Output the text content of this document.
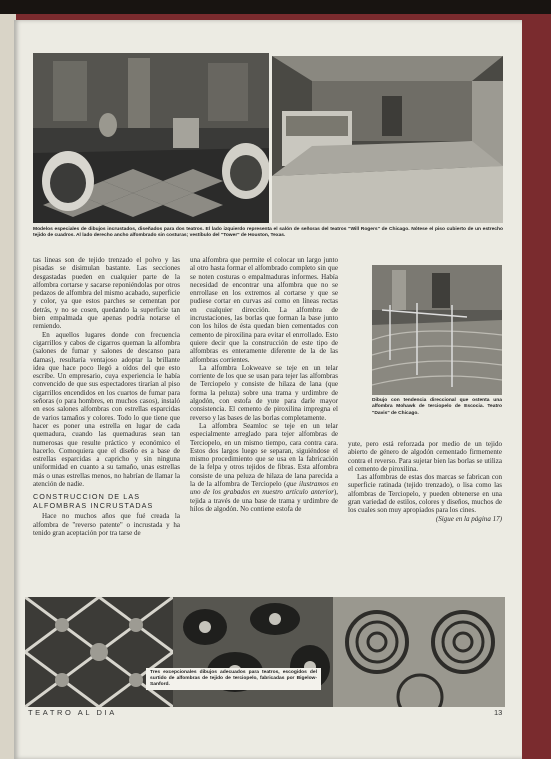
Modelos especiales de dibujos incrustados, diseñados para dos teatros. El lado izquierdo representa el salón de señoras del teatros "Will Rogers" de Chicago. Nótese el piso cubierto de un estrecho tejido de cuadros. Al lado derecho ancho alfombrado sin costuras; vestíbulo del "Tower" de Houston, Texas.

tas lineas son de tejido trenzado el polvo y las pisadas se disimulan bastante. Las secciones desgastadas pueden en cualquier parte de la alfombra cortarse y sacarse reponiéndolas por otros pedazos de alfombra del mismo acabado, superficie y color, ya que estos parches se cementan por detrás, y no se cosen, quedando la superficie tan bien empalmada que apenas podría notarse el remiendo.

En aquellos lugares donde con frecuencia cigarrillos y cabos de cigarros queman la alfombra (salones de fumar y salones de descanso para damas), resultaría ventajoso adoptar la brillante idea que hace poco llegó a oídos del que esto escribe. Un empresario, cuya experiencia le había convencido de que sus espectadores tirarían al piso cigarrillos encendidos en los cuartos de fumar para señoras (o para hombres, en muchos casos), instaló en esos salones alfombras con estrellas esparcidas de varios tamaños y colores. Todo lo que tiene que hacer es poner una estrella en lugar de cada quemadura, cuando las quemaduras sean tan numerosas que resulte práctico y económico el hacerlo. Comoquiera que el diseño es a base de estrellas esparcidas a capricho y sin ninguna uniformidad en cuanto a su tamaño, unas estrellas más o unas estrellas menos, no habrían de llamar la atención de nadie.

CONSTRUCCION DE LAS ALFOMBRAS INCRUSTADAS

Hace no muchos años que fué creada la alfombra de "reverso patente" o incrustada y ha tenido gran aceptación por tra tarse de

una alfombra que permite el colocar un largo junto al otro hasta formar el alfombrado completo sin que se noten costuras o empalmaduras informes. Había necesidad de encontrar una alfombra que no se enrrollase en los extremos al cortarse y que se pudiese cortar en curvas así como en líneas rectas en cualquier dirección. La alfombra de incrustaciones, las borlas que forman la base junto con los hilos de ésta quedan bien cementados con cemento de piroxilina para evitar el enrrollado. Esto quiere decir que la construcción de este tipo de alfombras es enteramente diferente de la de las alfombras corrientes.

La alfombra Lokweave se teje en un telar corriente de los que se usan para tejer las alfombras de Terciopelo y consiste de hilaza de lana (que forma la peluza) sobre una trama y urdimbre de algodón, con estofa de yute para darle mayor consistencia. El cemento de piroxilina impregna el reverso y las bases de las borlas completamente.

La alfombra Seamloc se teje en un telar especialmente arreglado para tejer alfombras de Terciopelo, en un mismo tiempo, cara contra cara. Estos dos largos luego se separan, siguiéndose el mismo procedimiento que se usa en la fabricación de la felpa y otros tejidos de fibras. Esta alfombra consiste de una peluza de hilaza de lana parecida a la de la alfombra de Terciopelo (que ilustramos en uno de los grabados en nuestro artículo anterior), tejida a través de una base de trama y urdimbre de hilos de algodón. No contiene estofa de

Dibujo con tendencia direccional que ostenta una alfombra Mohawk de terciopelo de Escocia. Teatro "Davis" de Chicago.

yute, pero está reforzada por medio de un tejido abierto de género de algodón cementado firmemente contra el reverso. Para sujetar bien las borlas se utiliza el cemento de piroxilina.

Las alfombras de estas dos marcas se fabrican con superficie ratinada (tejido trenzado), o lisa como las alfombras de Terciopelo, y pueden obtenerse en una gran variedad de estilos, colores y diseños, muchos de los cuales son muy apropiados para los cines.

(Sigue en la página 17)

Tres excepcionales dibujos adecuados para teatros, escogidos del surtido de alfombras de tejido de terciopelo, fabricadas por Bigelow-Sanford.
TEATRO AL DIA	13
